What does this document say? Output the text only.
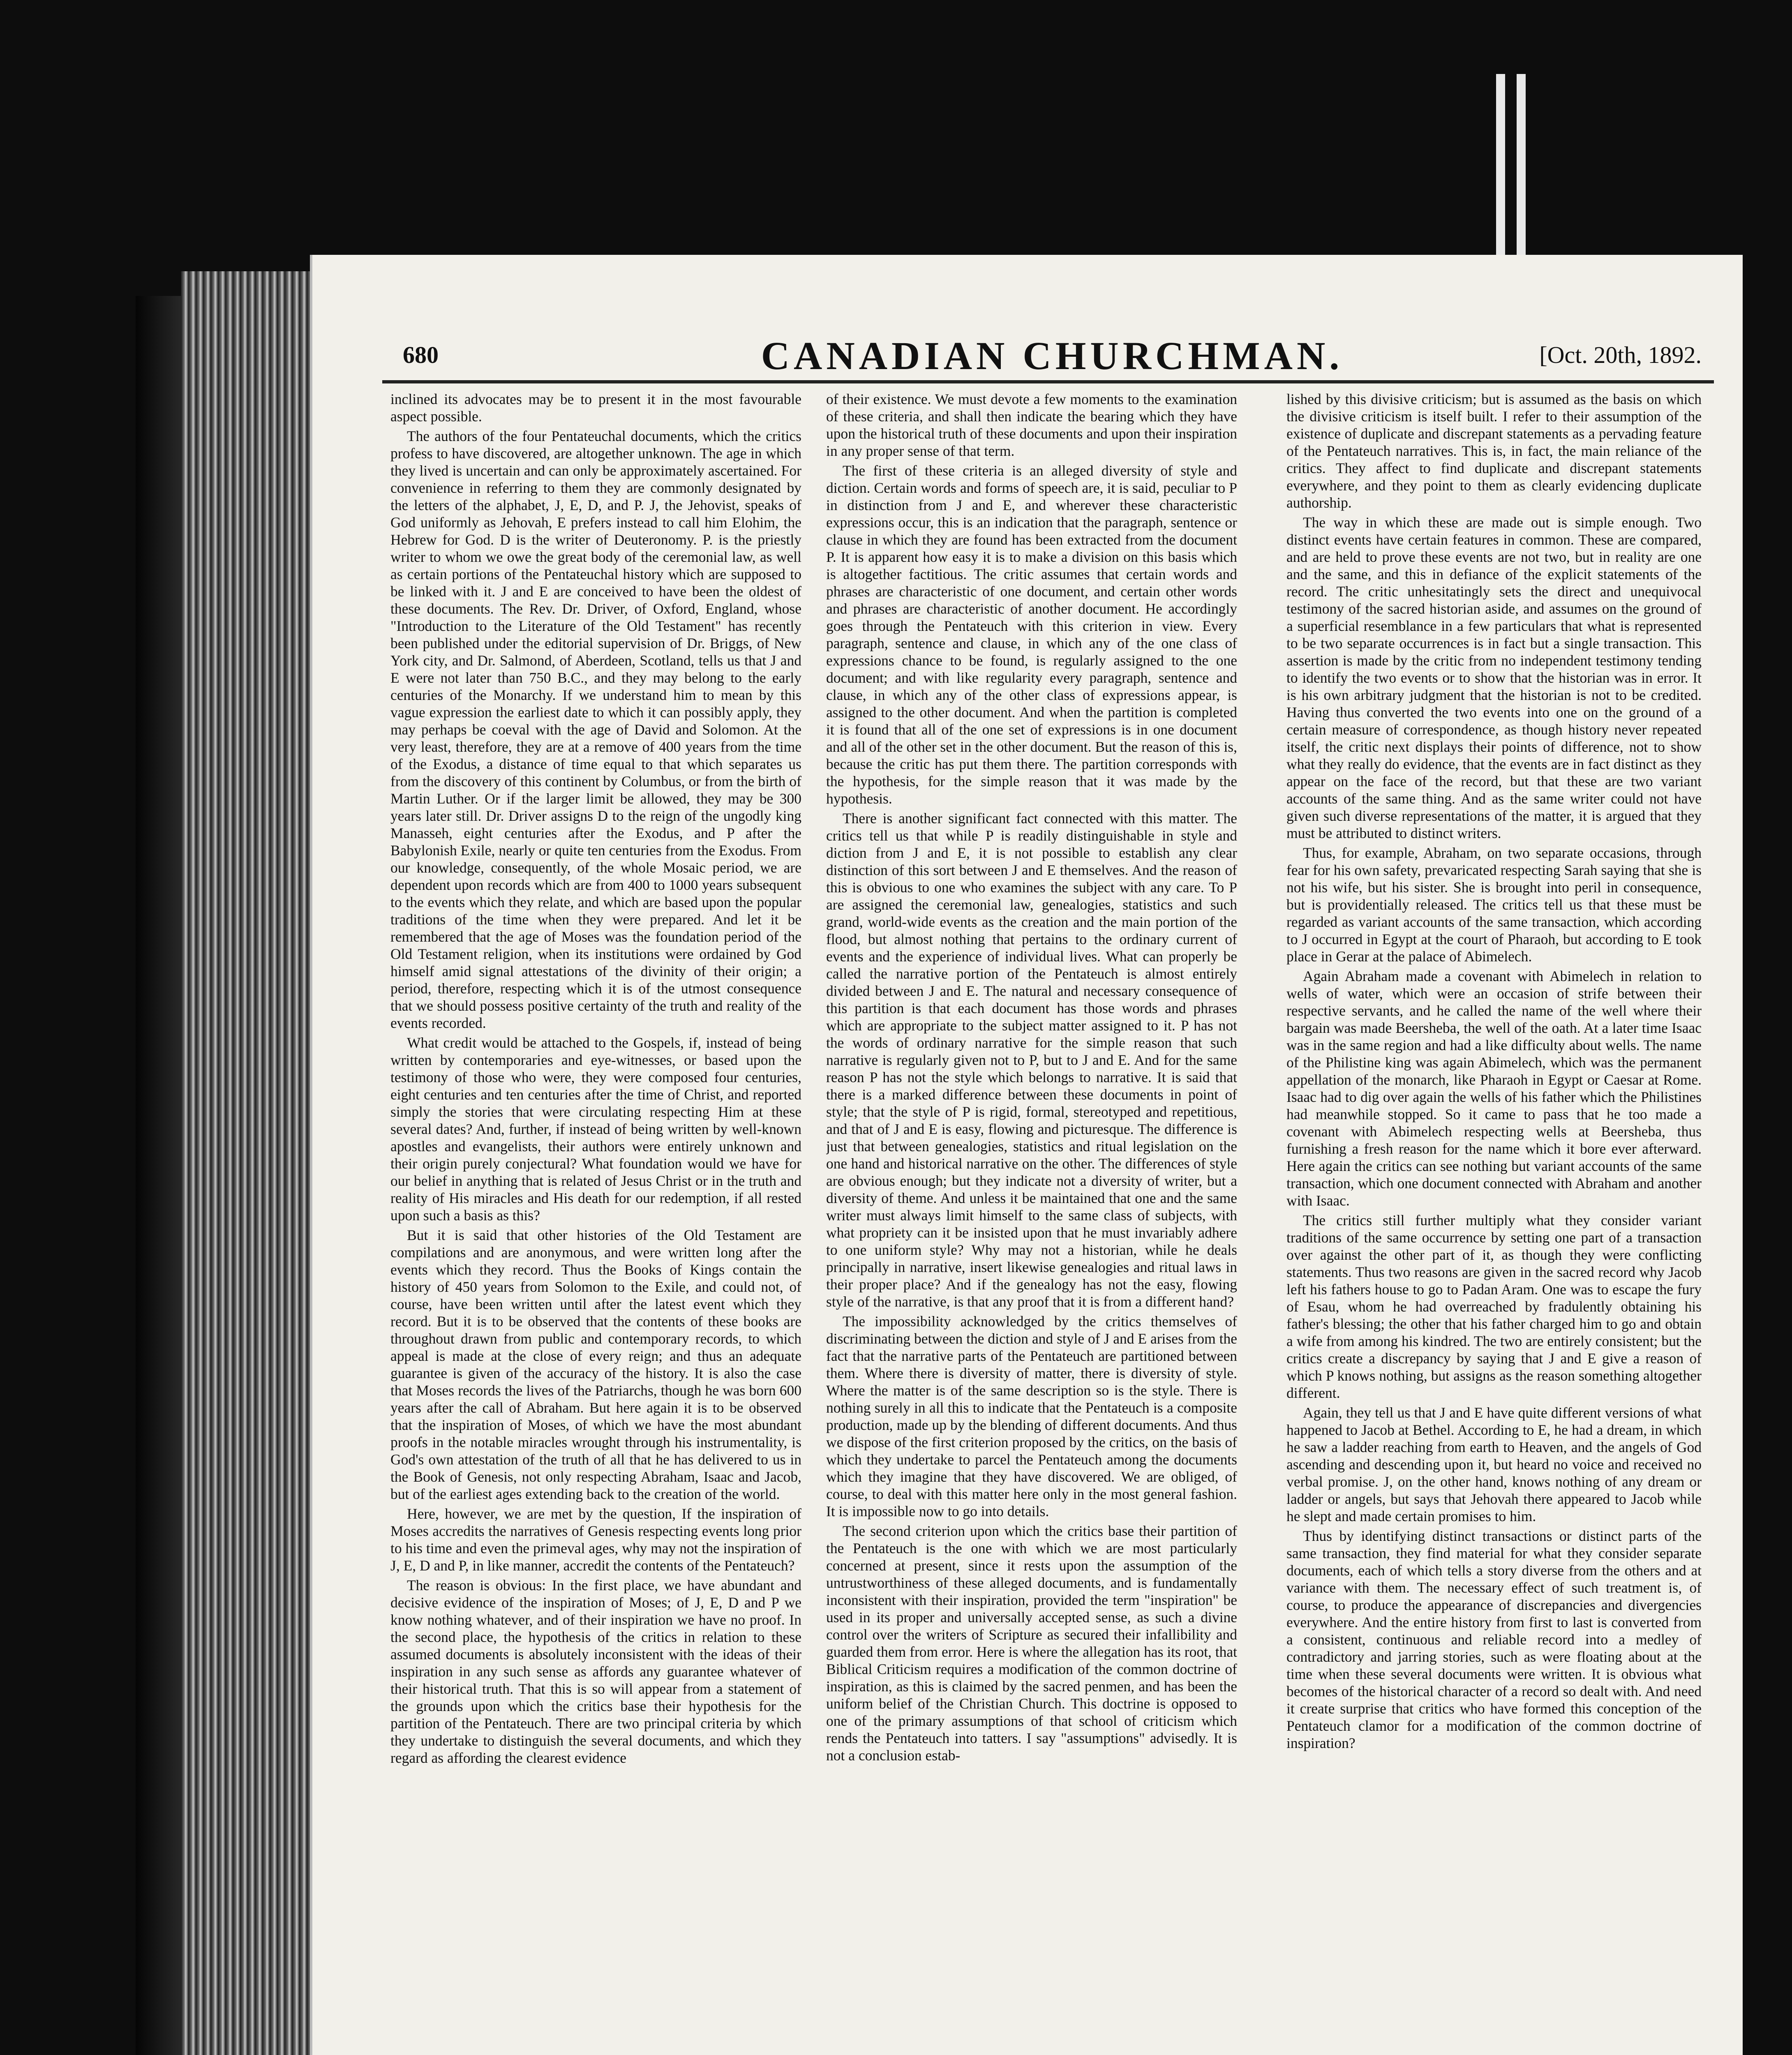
680	CANADIAN CHURCHMAN.	[Oct. 20th, 1892.

inclined its advocates may be to present it in the most favourable aspect possible.

The authors of the four Pentateuchal documents, which the critics profess to have discovered, are altogether unknown. The age in which they lived is uncertain and can only be approximately ascertained. For convenience in referring to them they are commonly designated by the letters of the alphabet, J, E, D, and P. J, the Jehovist, speaks of God uniformly as Jehovah, E prefers instead to call him Elohim, the Hebrew for God. D is the writer of Deuteronomy. P. is the priestly writer to whom we owe the great body of the ceremonial law, as well as certain portions of the Pentateuchal history which are supposed to be linked with it. J and E are conceived to have been the oldest of these documents. The Rev. Dr. Driver, of Oxford, England, whose "Introduction to the Literature of the Old Testament" has recently been published under the editorial supervision of Dr. Briggs, of New York city, and Dr. Salmond, of Aberdeen, Scotland, tells us that J and E were not later than 750 B.C., and they may belong to the early centuries of the Monarchy. If we understand him to mean by this vague expression the earliest date to which it can possibly apply, they may perhaps be coeval with the age of David and Solomon. At the very least, therefore, they are at a remove of 400 years from the time of the Exodus, a distance of time equal to that which separates us from the discovery of this continent by Columbus, or from the birth of Martin Luther. Or if the larger limit be allowed, they may be 300 years later still. Dr. Driver assigns D to the reign of the ungodly king Manasseh, eight centuries after the Exodus, and P after the Babylonish Exile, nearly or quite ten centuries from the Exodus. From our knowledge, consequently, of the whole Mosaic period, we are dependent upon records which are from 400 to 1000 years subsequent to the events which they relate, and which are based upon the popular traditions of the time when they were prepared. And let it be remembered that the age of Moses was the foundation period of the Old Testament religion, when its institutions were ordained by God himself amid signal attestations of the divinity of their origin; a period, therefore, respecting which it is of the utmost consequence that we should possess positive certainty of the truth and reality of the events recorded.

What credit would be attached to the Gospels, if, instead of being written by contemporaries and eye-witnesses, or based upon the testimony of those who were, they were composed four centuries, eight centuries and ten centuries after the time of Christ, and reported simply the stories that were circulating respecting Him at these several dates? And, further, if instead of being written by well-known apostles and evangelists, their authors were entirely unknown and their origin purely conjectural? What foundation would we have for our belief in anything that is related of Jesus Christ or in the truth and reality of His miracles and His death for our redemption, if all rested upon such a basis as this?

But it is said that other histories of the Old Testament are compilations and are anonymous, and were written long after the events which they record. Thus the Books of Kings contain the history of 450 years from Solomon to the Exile, and could not, of course, have been written until after the latest event which they record. But it is to be observed that the contents of these books are throughout drawn from public and contemporary records, to which appeal is made at the close of every reign; and thus an adequate guarantee is given of the accuracy of the history. It is also the case that Moses records the lives of the Patriarchs, though he was born 600 years after the call of Abraham. But here again it is to be observed that the inspiration of Moses, of which we have the most abundant proofs in the notable miracles wrought through his instrumentality, is God's own attestation of the truth of all that he has delivered to us in the Book of Genesis, not only respecting Abraham, Isaac and Jacob, but of the earliest ages extending back to the creation of the world.

Here, however, we are met by the question, If the inspiration of Moses accredits the narratives of Genesis respecting events long prior to his time and even the primeval ages, why may not the inspiration of J, E, D and P, in like manner, accredit the contents of the Pentateuch?

The reason is obvious: In the first place, we have abundant and decisive evidence of the inspiration of Moses; of J, E, D and P we know nothing whatever, and of their inspiration we have no proof. In the second place, the hypothesis of the critics in relation to these assumed documents is absolutely inconsistent with the ideas of their inspiration in any such sense as affords any guarantee whatever of their historical truth. That this is so will appear from a statement of the grounds upon which the critics base their hypothesis for the partition of the Pentateuch. There are two principal criteria by which they undertake to distinguish the several documents, and which they regard as affording the clearest evidence

of their existence. We must devote a few moments to the examination of these criteria, and shall then indicate the bearing which they have upon the historical truth of these documents and upon their inspiration in any proper sense of that term.

The first of these criteria is an alleged diversity of style and diction. Certain words and forms of speech are, it is said, peculiar to P in distinction from J and E, and wherever these characteristic expressions occur, this is an indication that the paragraph, sentence or clause in which they are found has been extracted from the document P. It is apparent how easy it is to make a division on this basis which is altogether factitious. The critic assumes that certain words and phrases are characteristic of one document, and certain other words and phrases are characteristic of another document. He accordingly goes through the Pentateuch with this criterion in view. Every paragraph, sentence and clause, in which any of the one class of expressions chance to be found, is regularly assigned to the one document; and with like regularity every paragraph, sentence and clause, in which any of the other class of expressions appear, is assigned to the other document. And when the partition is completed it is found that all of the one set of expressions is in one document and all of the other set in the other document. But the reason of this is, because the critic has put them there. The partition corresponds with the hypothesis, for the simple reason that it was made by the hypothesis.

There is another significant fact connected with this matter. The critics tell us that while P is readily distinguishable in style and diction from J and E, it is not possible to establish any clear distinction of this sort between J and E themselves. And the reason of this is obvious to one who examines the subject with any care. To P are assigned the ceremonial law, genealogies, statistics and such grand, world-wide events as the creation and the main portion of the flood, but almost nothing that pertains to the ordinary current of events and the experience of individual lives. What can properly be called the narrative portion of the Pentateuch is almost entirely divided between J and E. The natural and necessary consequence of this partition is that each document has those words and phrases which are appropriate to the subject matter assigned to it. P has not the words of ordinary narrative for the simple reason that such narrative is regularly given not to P, but to J and E. And for the same reason P has not the style which belongs to narrative. It is said that there is a marked difference between these documents in point of style; that the style of P is rigid, formal, stereotyped and repetitious, and that of J and E is easy, flowing and picturesque. The difference is just that between genealogies, statistics and ritual legislation on the one hand and historical narrative on the other. The differences of style are obvious enough; but they indicate not a diversity of writer, but a diversity of theme. And unless it be maintained that one and the same writer must always limit himself to the same class of subjects, with what propriety can it be insisted upon that he must invariably adhere to one uniform style? Why may not a historian, while he deals principally in narrative, insert likewise genealogies and ritual laws in their proper place? And if the genealogy has not the easy, flowing style of the narrative, is that any proof that it is from a different hand?

The impossibility acknowledged by the critics themselves of discriminating between the diction and style of J and E arises from the fact that the narrative parts of the Pentateuch are partitioned between them. Where there is diversity of matter, there is diversity of style. Where the matter is of the same description so is the style. There is nothing surely in all this to indicate that the Pentateuch is a composite production, made up by the blending of different documents. And thus we dispose of the first criterion proposed by the critics, on the basis of which they undertake to parcel the Pentateuch among the documents which they imagine that they have discovered. We are obliged, of course, to deal with this matter here only in the most general fashion. It is impossible now to go into details.

The second criterion upon which the critics base their partition of the Pentateuch is the one with which we are most particularly concerned at present, since it rests upon the assumption of the untrustworthiness of these alleged documents, and is fundamentally inconsistent with their inspiration, provided the term "inspiration" be used in its proper and universally accepted sense, as such a divine control over the writers of Scripture as secured their infallibility and guarded them from error. Here is where the allegation has its root, that Biblical Criticism requires a modification of the common doctrine of inspiration, as this is claimed by the sacred penmen, and has been the uniform belief of the Christian Church. This doctrine is opposed to one of the primary assumptions of that school of criticism which rends the Pentateuch into tatters. I say "assumptions" advisedly. It is not a conclusion estab-

lished by this divisive criticism; but is assumed as the basis on which the divisive criticism is itself built. I refer to their assumption of the existence of duplicate and discrepant statements as a pervading feature of the Pentateuch narratives. This is, in fact, the main reliance of the critics. They affect to find duplicate and discrepant statements everywhere, and they point to them as clearly evidencing duplicate authorship.

The way in which these are made out is simple enough. Two distinct events have certain features in common. These are compared, and are held to prove these events are not two, but in reality are one and the same, and this in defiance of the explicit statements of the record. The critic unhesitatingly sets the direct and unequivocal testimony of the sacred historian aside, and assumes on the ground of a superficial resemblance in a few particulars that what is represented to be two separate occurrences is in fact but a single transaction. This assertion is made by the critic from no independent testimony tending to identify the two events or to show that the historian was in error. It is his own arbitrary judgment that the historian is not to be credited. Having thus converted the two events into one on the ground of a certain measure of correspondence, as though history never repeated itself, the critic next displays their points of difference, not to show what they really do evidence, that the events are in fact distinct as they appear on the face of the record, but that these are two variant accounts of the same thing. And as the same writer could not have given such diverse representations of the matter, it is argued that they must be attributed to distinct writers.

Thus, for example, Abraham, on two separate occasions, through fear for his own safety, prevaricated respecting Sarah saying that she is not his wife, but his sister. She is brought into peril in consequence, but is providentially released. The critics tell us that these must be regarded as variant accounts of the same transaction, which according to J occurred in Egypt at the court of Pharaoh, but according to E took place in Gerar at the palace of Abimelech.

Again Abraham made a covenant with Abimelech in relation to wells of water, which were an occasion of strife between their respective servants, and he called the name of the well where their bargain was made Beersheba, the well of the oath. At a later time Isaac was in the same region and had a like difficulty about wells. The name of the Philistine king was again Abimelech, which was the permanent appellation of the monarch, like Pharaoh in Egypt or Caesar at Rome. Isaac had to dig over again the wells of his father which the Philistines had meanwhile stopped. So it came to pass that he too made a covenant with Abimelech respecting wells at Beersheba, thus furnishing a fresh reason for the name which it bore ever afterward. Here again the critics can see nothing but variant accounts of the same transaction, which one document connected with Abraham and another with Isaac.

The critics still further multiply what they consider variant traditions of the same occurrence by setting one part of a transaction over against the other part of it, as though they were conflicting statements. Thus two reasons are given in the sacred record why Jacob left his fathers house to go to Padan Aram. One was to escape the fury of Esau, whom he had overreached by fradulently obtaining his father's blessing; the other that his father charged him to go and obtain a wife from among his kindred. The two are entirely consistent; but the critics create a discrepancy by saying that J and E give a reason of which P knows nothing, but assigns as the reason something altogether different.

Again, they tell us that J and E have quite different versions of what happened to Jacob at Bethel. According to E, he had a dream, in which he saw a ladder reaching from earth to Heaven, and the angels of God ascending and descending upon it, but heard no voice and received no verbal promise. J, on the other hand, knows nothing of any dream or ladder or angels, but says that Jehovah there appeared to Jacob while he slept and made certain promises to him.

Thus by identifying distinct transactions or distinct parts of the same transaction, they find material for what they consider separate documents, each of which tells a story diverse from the others and at variance with them. The necessary effect of such treatment is, of course, to produce the appearance of discrepancies and divergencies everywhere. And the entire history from first to last is converted from a consistent, continuous and reliable record into a medley of contradictory and jarring stories, such as were floating about at the time when these several documents were written. It is obvious what becomes of the historical character of a record so dealt with. And need it create surprise that critics who have formed this conception of the Pentateuch clamor for a modification of the common doctrine of inspiration?
